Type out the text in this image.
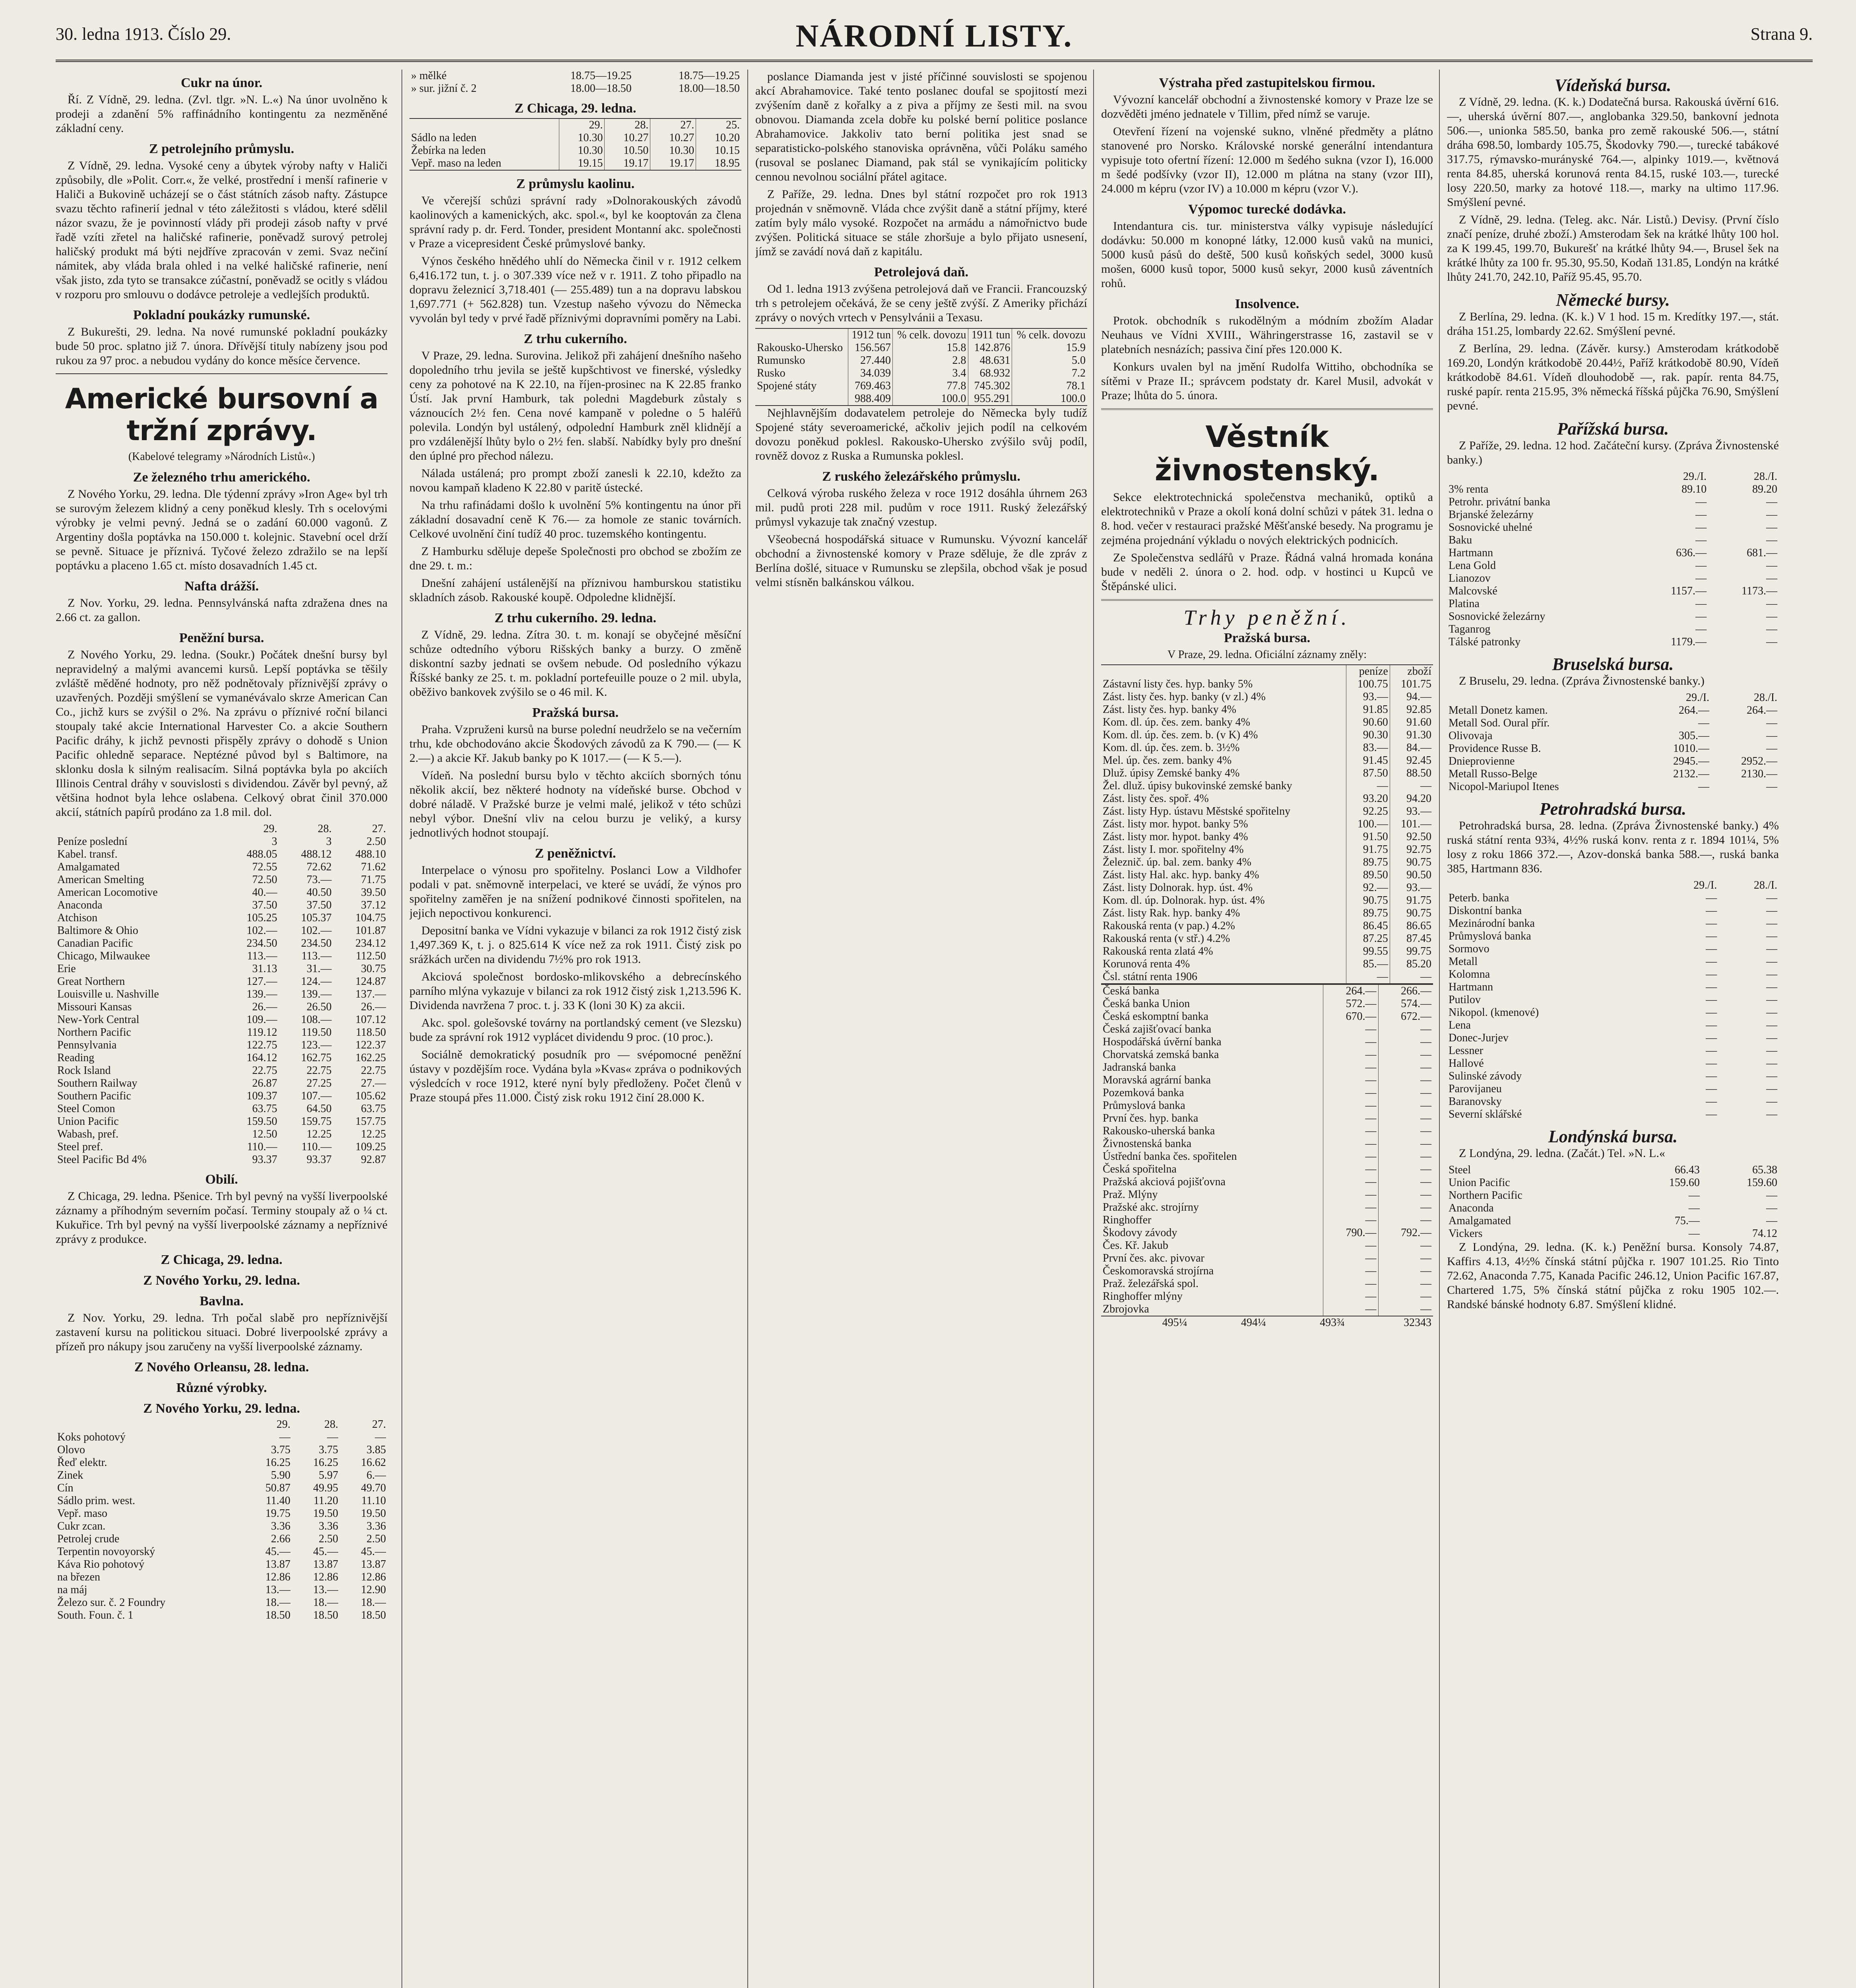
30. ledna 1913. Číslo 29.	NÁRODNÍ LISTY.	Strana 9.
Cukr na únor.

Ří. Z Vídně, 29. ledna. (Zvl. tlgr. »N. L.«) Na únor uvolněno k prodeji a zdanění 5% raffinádního kontingentu za nezměněné základní ceny.

Z petrolejního průmyslu.

Z Vídně, 29. ledna. Vysoké ceny a úbytek výroby nafty v Haliči způsobily, dle »Polit. Corr.«, že velké, prostřední i menší rafinerie v Haliči a Bukovině ucházejí se o část státních zásob nafty. Zástupce svazu těchto rafinerií jednal v této záležitosti s vládou, které sdělil názor svazu, že je povinností vlády při prodeji zásob nafty v prvé řadě vzíti zřetel na haličské rafinerie, poněvadž surový petrolej haličský produkt má býti nejdříve zpracován v zemi. Svaz nečiní námitek, aby vláda brala ohled i na velké haličské rafinerie, není však jisto, zda tyto se transakce zúčastní, poněvadž se ocitly s vládou v rozporu pro smlouvu o dodávce petroleje a vedlejších produktů.

Pokladní poukázky rumunské.

Z Bukurešti, 29. ledna. Na nové rumunské pokladní poukázky bude 50 proc. splatno již 7. února. Dřívější tituly nabízeny jsou pod rukou za 97 proc. a nebudou vydány do konce měsíce července.

Americké bursovní a tržní zprávy.
(Kabelové telegramy »Národních Listů«.)
Ze železného trhu amerického.

Z Nového Yorku, 29. ledna. Dle týdenní zprávy »Iron Age« byl trh se surovým železem klidný a ceny poněkud klesly. Trh s ocelovými výrobky je velmi pevný. Jedná se o zadání 60.000 vagonů. Z Argentiny došla poptávka na 150.000 t. kolejnic. Stavební ocel drží se pevně. Situace je příznivá. Tyčové železo zdražilo se na lepší poptávku a placeno 1.65 ct. místo dosavadních 1.45 ct.

Nafta drážší.

Z Nov. Yorku, 29. ledna. Pennsylvánská nafta zdražena dnes na 2.66 ct. za gallon.

Peněžní bursa.

Z Nového Yorku, 29. ledna. (Soukr.) Počátek dnešní bursy byl nepravidelný a malými avancemi kursů. Lepší poptávka se těšily zvláště měděné hodnoty, pro něž podnětovaly příznivější zprávy o uzavřených. Později smýšlení se vymanévávalo skrze American Can Co., jichž kurs se zvýšil o 2%. Na zprávu o příznivé roční bilanci stoupaly také akcie International Harvester Co. a akcie Southern Pacific dráhy, k jichž pevnosti přispěly zprávy o dohodě s Union Pacific ohledně separace. Neptézné původ byl s Baltimore, na sklonku dosla k silným realisacím. Silná poptávka byla po akciích Illinois Central dráhy v souvislosti s dividendou. Závěr byl pevný, až většina hodnot byla lehce oslabena. Celkový obrat činil 370.000 akcií, státních papírů prodáno za 1.8 mil. dol.

	29.	28.	27.
Peníze poslední	3	3	2.50
Kabel. transf.	488.05	488.12	488.10
Amalgamated	72.55	72.62	71.62
American Smelting	72.50	73.—	71.75
American Locomotive	40.—	40.50	39.50
Anaconda	37.50	37.50	37.12
Atchison	105.25	105.37	104.75
Baltimore & Ohio	102.—	102.—	101.87
Canadian Pacific	234.50	234.50	234.12
Chicago, Milwaukee	113.—	113.—	112.50
Erie	31.13	31.—	30.75
Great Northern	127.—	124.—	124.87
Louisville u. Nashville	139.—	139.—	137.—
Missouri Kansas	26.—	26.50	26.—
New-York Central	109.—	108.—	107.12
Northern Pacific	119.12	119.50	118.50
Pennsylvania	122.75	123.—	122.37
Reading	164.12	162.75	162.25
Rock Island	22.75	22.75	22.75
Southern Railway	26.87	27.25	27.—
Southern Pacific	109.37	107.—	105.62
Steel Comon	63.75	64.50	63.75
Union Pacific	159.50	159.75	157.75
Wabash, pref.	12.50	12.25	12.25
Steel pref.	110.—	110.—	109.25
Steel Pacific Bd 4%	93.37	93.37	92.87
Obilí.

Z Chicaga, 29. ledna. Pšenice. Trh byl pevný na vyšší liverpoolské záznamy a příhodným severním počasí. Terminy stoupaly až o ¼ ct. Kukuřice. Trh byl pevný na vyšší liverpoolské záznamy a nepříznivé zprávy z produkce.

Z Chicaga, 29. ledna.
Z Nového Yorku, 29. ledna.
Bavlna.

Z Nov. Yorku, 29. ledna. Trh počal slabě pro nepříznivější zastavení kursu na politickou situaci. Dobré liverpoolské zprávy a přízeň pro nákupy jsou zaručeny na vyšší liverpoolské záznamy.

Z Nového Orleansu, 28. ledna.
Různé výrobky.
Z Nového Yorku, 29. ledna.
	29.	28.	27.
Koks pohotový	—	—	—
Olovo	3.75	3.75	3.85
Řeď elektr.	16.25	16.25	16.62
Zinek	5.90	5.97	6.—
Cín	50.87	49.95	49.70
Sádlo prim. west.	11.40	11.20	11.10
Vepř. maso	19.75	19.50	19.50
Cukr zcan.	3.36	3.36	3.36
Petrolej crude	2.66	2.50	2.50
Terpentin novoyorský	45.—	45.—	45.—
Káva Rio pohotový	13.87	13.87	13.87
na březen	12.86	12.86	12.86
na máj	13.—	13.—	12.90
Železo sur. č. 2 Foundry	18.—	18.—	18.—
South. Foun. č. 1	18.50	18.50	18.50
» mělké	18.75—19.25	18.75—19.25
» sur. jižní č. 2	18.00—18.50	18.00—18.50
Z Chicaga, 29. ledna.
	29.	28.	27.	25.
Sádlo na leden	10.30	10.27	10.27	10.20
Žebírka na leden	10.30	10.50	10.30	10.15
Vepř. maso na leden	19.15	19.17	19.17	18.95
Z průmyslu kaolinu.

Ve včerejší schůzi správní rady »Dolnorakouských závodů kaolinových a kamenických, akc. spol.«, byl ke kooptován za člena správní rady p. dr. Ferd. Tonder, president Montanní akc. společnosti v Praze a vicepresident České průmyslové banky.

Výnos českého hnědého uhlí do Německa činil v r. 1912 celkem 6,416.172 tun, t. j. o 307.339 více než v r. 1911. Z toho připadlo na dopravu železnicí 3,718.401 (— 255.489) tun a na dopravu labskou 1,697.771 (+ 562.828) tun. Vzestup našeho vývozu do Německa vyvolán byl tedy v prvé řadě příznivými dopravními poměry na Labi.

Z trhu cukerního.

V Praze, 29. ledna. Surovina. Jelikož při zahájení dnešního našeho dopoledního trhu jevila se ještě kupšchtivost ve finerské, výsledky ceny za pohotové na K 22.10, na říjen-prosinec na K 22.85 franko Ústí. Jak první Hamburk, tak poledni Magdeburk zůstaly s váznoucích 2½ fen. Cena nové kampaně v poledne o 5 haléřů polevila. Londýn byl ustálený, odpolední Hamburk zněl klidnějí a pro vzdálenější lhůty bylo o 2½ fen. slabší. Nabídky byly pro dnešní den úplné pro přechod nálezu.

Nálada ustálená; pro prompt zboží zanesli k 22.10, kdežto za novou kampaň kladeno K 22.80 v paritě ústecké.

Na trhu rafinádami došlo k uvolnění 5% kontingentu na únor při základní dosavadní ceně K 76.— za homole ze stanic továrních. Celkové uvolnění činí tudíž 40 proc. tuzemského kontingentu.

Z Hamburku sděluje depeše Společnosti pro obchod se zbožím ze dne 29. t. m.:

Dnešní zahájení ustálenější na příznivou hamburskou statistiku skladních zásob. Rakouské koupě. Odpoledne klidnější.

Z trhu cukerního. 29. ledna.

Z Vídně, 29. ledna. Zítra 30. t. m. konají se obyčejné měsíční schůze odtedního výboru Rišských banky a burzy. O změně diskontní sazby jednati se ovšem nebude. Od posledního výkazu Říšské banky ze 25. t. m. pokladní portefeuille pouze o 2 mil. ubyla, oběživo bankovek zvýšilo se o 46 mil. K.

Pražská bursa.

Praha. Vzpruženi kursů na burse polední neudrželo se na večerním trhu, kde obchodováno akcie Škodových závodů za K 790.— (— K 2.—) a akcie Kř. Jakub banky po K 1017.— (— K 5.—).

Vídeň. Na poslední bursu bylo v těchto akciích sborných tónu několik akcií, bez některé hodnoty na vídeňské burse. Obchod v dobré náladě. V Pražské burze je velmi malé, jelikož v této schůzi nebyl výbor. Dnešní vliv na celou burzu je veliký, a kursy jednotlivých hodnot stoupají.

Z peněžnictví.

Interpelace o výnosu pro spořitelny. Poslanci Low a Vildhofer podali v pat. sněmovně interpelaci, ve které se uvádí, že výnos pro spořitelny zaměřen je na snížení podnikové činnosti spořitelen, na jejich nepoctivou konkurenci.

Depositní banka ve Vídni vykazuje v bilanci za rok 1912 čistý zisk 1,497.369 K, t. j. o 825.614 K více než za rok 1911. Čistý zisk po srážkách určen na dividendu 7½% pro rok 1913.

Akciová společnost bordosko-mlikovského a debrecínského parního mlýna vykazuje v bilanci za rok 1912 čistý zisk 1,213.596 K. Dividenda navržena 7 proc. t. j. 33 K (loni 30 K) za akcii.

Akc. spol. golešovské továrny na portlandský cement (ve Slezsku) bude za správní rok 1912 vyplácet dividendu 9 proc. (10 proc.).

Sociálně demokratický posudník pro — svépomocné peněžní ústavy v pozdějším roce. Vydána byla »Kvas« zpráva o podnikových výsledcích v roce 1912, které nyní byly předloženy. Počet členů v Praze stoupá přes 11.000. Čistý zisk roku 1912 činí 28.000 K.

poslance Diamanda jest v jisté příčinné souvislosti se spojenou akcí Abrahamovice. Také tento poslanec doufal se spojitostí mezi zvýšením daně z kořalky a z piva a příjmy ze šesti mil. na svou obnovou. Diamanda zcela dobře ku polské berní politice poslance Abrahamovice. Jakkoliv tato berní politika jest snad se separatisticko-polského stanoviska oprávněna, vůči Poláku samého (rusoval se poslanec Diamand, pak stál se vynikajícím politicky cennou nevolnou sociální přátel agitace.

Z Paříže, 29. ledna. Dnes byl státní rozpočet pro rok 1913 projednán v sněmovně. Vláda chce zvýšit daně a státní příjmy, které zatím byly málo vysoké. Rozpočet na armádu a námořnictvo bude zvýšen. Politická situace se stále zhoršuje a bylo přijato usnesení, jímž se zavádí nová daň z kapitálu.

Petrolejová daň.

Od 1. ledna 1913 zvýšena petrolejová daň ve Francii. Francouzský trh s petrolejem očekává, že se ceny ještě zvýší. Z Ameriky přichází zprávy o nových vrtech v Pensylvánii a Texasu.

	1912 tun	% celk. dovozu	1911 tun	% celk. dovozu
Rakousko-Uhersko	156.567	15.8	142.876	15.9
Rumunsko	27.440	2.8	48.631	5.0
Rusko	34.039	3.4	68.932	7.2
Spojené státy	769.463	77.8	745.302	78.1
	988.409	100.0	955.291	100.0

Nejhlavnějším dodavatelem petroleje do Německa byly tudíž Spojené státy severoamerické, ačkoliv jejich podíl na celkovém dovozu poněkud poklesl. Rakousko-Uhersko zvýšilo svůj podíl, rovněž dovoz z Ruska a Rumunska poklesl.

Z ruského železářského průmyslu.

Celková výroba ruského železa v roce 1912 dosáhla úhrnem 263 mil. pudů proti 228 mil. pudům v roce 1911. Ruský železářský průmysl vykazuje tak značný vzestup.

Všeobecná hospodářská situace v Rumunsku. Vývozní kancelář obchodní a živnostenské komory v Praze sděluje, že dle zpráv z Berlína došlé, situace v Rumunsku se zlepšila, obchod však je posud velmi stísněn balkánskou válkou.

Výstraha před zastupitelskou firmou.

Vývozní kancelář obchodní a živnostenské komory v Praze lze se dozvěděti jméno jednatele v Tillim, před nímž se varuje.

Otevření řízení na vojenské sukno, vlněné předměty a plátno stanovené pro Norsko. Královské norské generální intendantura vypisuje toto ofertní řízení: 12.000 m šedého sukna (vzor I), 16.000 m šedé podšívky (vzor II), 12.000 m plátna na stany (vzor III), 24.000 m képru (vzor IV) a 10.000 m képru (vzor V.).

Výpomoc turecké dodávka.

Intendantura cis. tur. ministerstva války vypisuje následující dodávku: 50.000 m konopné látky, 12.000 kusů vaků na munici, 5000 kusů pásů do deště, 500 kusů koňských sedel, 3000 kusů mošen, 6000 kusů topor, 5000 kusů sekyr, 2000 kusů záventních rohů.

Insolvence.

Protok. obchodník s rukodělným a módním zbožím Aladar Neuhaus ve Vídni XVIII., Währingerstrasse 16, zastavil se v platebních nesnázích; passiva činí přes 120.000 K.

Konkurs uvalen byl na jmění Rudolfa Wittiho, obchodníka se sítěmi v Praze II.; správcem podstaty dr. Karel Musil, advokát v Praze; lhůta do 5. února.

Věstník živnostenský.

Sekce elektrotechnická společenstva mechaniků, optiků a elektrotechniků v Praze a okolí koná dolní schůzi v pátek 31. ledna o 8. hod. večer v restauraci pražské Měšťanské besedy. Na programu je zejména projednání výkladu o nových elektrických podnicích.

Ze Společenstva sedlářů v Praze. Řádná valná hromada konána bude v neděli 2. února o 2. hod. odp. v hostinci u Kupců ve Štěpánské ulici.

Trhy peněžní.
Pražská bursa.
V Praze, 29. ledna. Oficiální záznamy zněly:
	peníze	zboží
Zástavní listy čes. hyp. banky 5%	100.75	101.75
Zást. listy čes. hyp. banky (v zl.) 4%	93.—	94.—
Zást. listy čes. hyp. banky 4%	91.85	92.85
Kom. dl. úp. čes. zem. banky 4%	90.60	91.60
Kom. dl. úp. čes. zem. b. (v K) 4%	90.30	91.30
Kom. dl. úp. čes. zem. b. 3½%	83.—	84.—
Mel. úp. čes. zem. banky 4%	91.45	92.45
Dluž. úpisy Zemské banky 4%	87.50	88.50
Žel. dluž. úpisy bukovinské zemské banky	—	—
Zást. listy čes. spoř. 4%	93.20	94.20
Zást. listy Hyp. ústavu Městské spořitelny	92.25	93.—
Zást. listy mor. hypot. banky 5%	100.—	101.—
Zást. listy mor. hypot. banky 4%	91.50	92.50
Zást. listy I. mor. spořitelny 4%	91.75	92.75
Železnič. úp. bal. zem. banky 4%	89.75	90.75
Zást. listy Hal. akc. hyp. banky 4%	89.50	90.50
Zást. listy Dolnorak. hyp. úst. 4%	92.—	93.—
Kom. dl. úp. Dolnorak. hyp. úst. 4%	90.75	91.75
Zást. listy Rak. hyp. banky 4%	89.75	90.75
Rakouská renta (v pap.) 4.2%	86.45	86.65
Rakouská renta (v stř.) 4.2%	87.25	87.45
Rakouská renta zlatá 4%	99.55	99.75
Korunová renta 4%	85.—	85.20
Čsl. státní renta 1906	—	—
Česká banka	264.—	266.—
Česká banka Union	572.—	574.—
Česká eskomptní banka	670.—	672.—
Česká zajišťovací banka	—	—
Hospodářská úvěrní banka	—	—
Chorvatská zemská banka	—	—
Jadranská banka	—	—
Moravská agrární banka	—	—
Pozemková banka	—	—
Průmyslová banka	—	—
První čes. hyp. banka	—	—
Rakousko-uherská banka	—	—
Živnostenská banka	—	—
Ústřední banka čes. spořitelen	—	—
Česká spořitelna	—	—
Pražská akciová pojišťovna	—	—
Praž. Mlýny	—	—
Pražské akc. strojírny	—	—
Ringhoffer	—	—
Škodovy závody	790.—	792.—
Čes. Kř. Jakub	—	—
První čes. akc. pivovar	—	—
Českomoravská strojírna	—	—
Praž. železářská spol.	—	—
Ringhoffer mlýny	—	—
Zbrojovka	—	—
	495¼	494¼	493¾	32343
Vídeňská bursa.

Z Vídně, 29. ledna. (K. k.) Dodatečná bursa. Rakouská úvěrní 616.—, uherská úvěrní 807.—, anglobanka 329.50, bankovní jednota 506.—, unionka 585.50, banka pro země rakouské 506.—, státní dráha 698.50, lombardy 105.75, Škodovky 790.—, turecké tabákové 317.75, rýmavsko-murányské 764.—, alpinky 1019.—, květnová renta 84.85, uherská korunová renta 84.15, ruské 103.—, turecké losy 220.50, marky za hotové 118.—, marky na ultimo 117.96. Smýšlení pevné.

Z Vídně, 29. ledna. (Teleg. akc. Nár. Listů.) Devisy. (První číslo značí peníze, druhé zboží.) Amsterodam šek na krátké lhůty 100 hol. za K 199.45, 199.70, Bukurešť na krátké lhůty 94.—, Brusel šek na krátké lhůty za 100 fr. 95.30, 95.50, Kodaň 131.85, Londýn na krátké lhůty 241.70, 242.10, Paříž 95.45, 95.70.

Německé bursy.

Z Berlína, 29. ledna. (K. k.) V 1 hod. 15 m. Kredítky 197.—, stát. dráha 151.25, lombardy 22.62. Smýšlení pevné.

Z Berlína, 29. ledna. (Závěr. kursy.) Amsterodam krátkodobě 169.20, Londýn krátkodobě 20.44½, Paříž krátkodobě 80.90, Vídeň krátkodobě 84.61. Vídeň dlouhodobě —, rak. papír. renta 84.75, ruské papír. renta 215.95, 3% německá říšská půjčka 76.90, Smýšlení pevné.

Pařížská bursa.

Z Paříže, 29. ledna. 12 hod. Začáteční kursy. (Zpráva Živnostenské banky.)

	29./I.	28./I.
3% renta	89.10	89.20
Petrohr. privátní banka	—	—
Brjanské železárny	—	—
Sosnovické uhelné	—	—
Baku	—	—
Hartmann	636.—	681.—
Lena Gold	—	—
Lianozov	—	—
Malcovské	1157.—	1173.—
Platina	—	—
Sosnovické železárny	—	—
Taganrog	—	—
Tálské patronky	1179.—	—
Bruselská bursa.

Z Bruselu, 29. ledna. (Zpráva Živnostenské banky.)

	29./I.	28./I.
Metall Donetz kamen.	264.—	264.—
Metall Sod. Oural přír.	—	—
Olivovaja	305.—	—
Providence Russe B.	1010.—	—
Dnieprovienne	2945.—	2952.—
Metall Russo-Belge	2132.—	2130.—
Nicopol-Mariupol Itenes	—	—
Petrohradská bursa.

Petrohradská bursa, 28. ledna. (Zpráva Živnostenské banky.) 4% ruská státní renta 93¾, 4½% ruská konv. renta z r. 1894 101¼, 5% losy z roku 1866 372.—, Azov-donská banka 588.—, ruská banka 385, Hartmann 836.

	29./I.	28./I.
Peterb. banka	—	—
Diskontní banka	—	—
Mezinárodní banka	—	—
Průmyslová banka	—	—
Sormovo	—	—
Metall	—	—
Kolomna	—	—
Hartmann	—	—
Putilov	—	—
Nikopol. (kmenové)	—	—
Lena	—	—
Donec-Jurjev	—	—
Lessner	—	—
Hallové	—	—
Sulinské závody	—	—
Parovijaneu	—	—
Baranovsky	—	—
Severní sklářské	—	—
Londýnská bursa.

Z Londýna, 29. ledna. (Začát.) Tel. »N. L.«

Steel	66.43	65.38
Union Pacific	159.60	159.60
Northern Pacific	—	—
Anaconda	—	—
Amalgamated	75.—	—
Vickers	—	74.12

Z Londýna, 29. ledna. (K. k.) Peněžní bursa. Konsoly 74.87, Kaffirs 4.13, 4½% čínská státní půjčka r. 1907 101.25. Rio Tinto 72.62, Anaconda 7.75, Kanada Pacific 246.12, Union Pacific 167.87, Chartered 1.75, 5% čínská státní půjčka z roku 1905 102.—. Randské bánské hodnoty 6.87. Smýšlení klidné.
